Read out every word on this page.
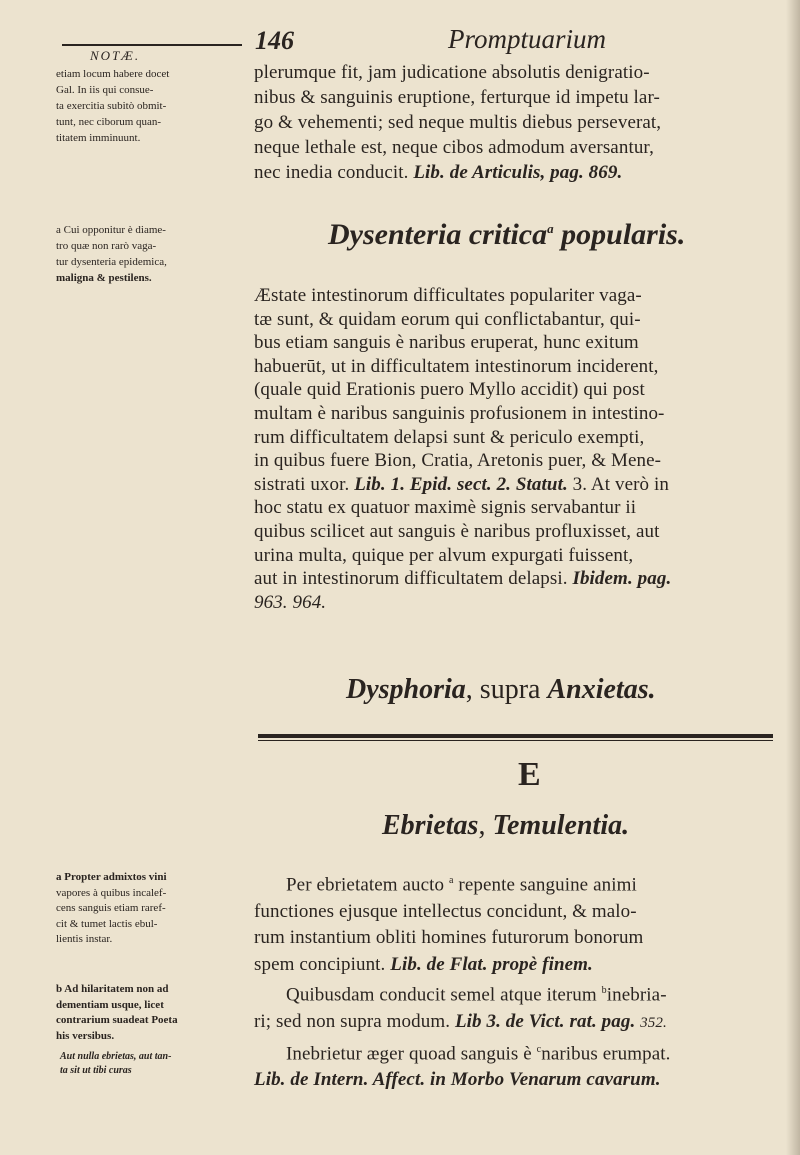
NOTÆ.
146	Promptuarium
etiam locum habere docet
Gal. In iis qui consue-
ta exercitia subitò obmit-
tunt, nec ciborum quan-
titatem imminuunt.
plerumque fit, jam judicatione absolutis denigratio-
nibus & sanguinis eruptione, ferturque id impetu lar-
go & vehementi; sed neque multis diebus perseverat,
neque lethale est, neque cibos admodum aversantur,
nec inedia conducit. Lib. de Articulis, pag. 869.
Dysenteria critica$^a$ popularis.
a Cui opponitur è diame-
tro quæ non rarò vaga-
tur dysenteria epidemica,
maligna & pestilens.
Æstate intestinorum difficultates populariter vaga-
tæ sunt, & quidam eorum qui conflictabantur, qui-
bus etiam sanguis è naribus eruperat, hunc exitum
habuerūt, ut in difficultatem intestinorum inciderent,
(quale quid Erationis puero Myllo accidit) qui post
multam è naribus sanguinis profusionem in intestino-
rum difficultatem delapsi sunt & periculo exempti,
in quibus fuere Bion, Cratia, Aretonis puer, & Mene-
sistrati uxor. Lib. 1. Epid. sect. 2. Statut. 3. At verò in
hoc statu ex quatuor maximè signis servabantur ii
quibus scilicet aut sanguis è naribus profluxisset, aut
urina multa, quique per alvum expurgati fuissent,
aut in intestinorum difficultatem delapsi. Ibidem. pag.
963. 964.
Dysphoria, supra Anxietas.
E
Ebrietas, Temulentia.
a Propter admixtos vini
vapores à quibus incalef-
cens sanguis etiam raref-
cit & tumet lactis ebul-
lientis instar.
b Ad hilaritatem non ad
dementiam usque, licet
contrarium suadeat Poeta
his versibus.
Aut nulla ebrietas, aut tan-
ta sit ut tibi curas
Per ebrietatem aucto $^a$ repente sanguine animi
functiones ejusque intellectus concidunt, & malo-
rum instantium obliti homines futurorum bonorum
spem concipiunt. Lib. de Flat. propè finem.
Quibusdam conducit semel atque iterum $^b$inebria-
ri; sed non supra modum. Lib 3. de Vict. rat. pag. 352.
Inebrietur æger quoad sanguis è $^c$naribus erumpat.
Lib. de Intern. Affect. in Morbo Venarum cavarum.
